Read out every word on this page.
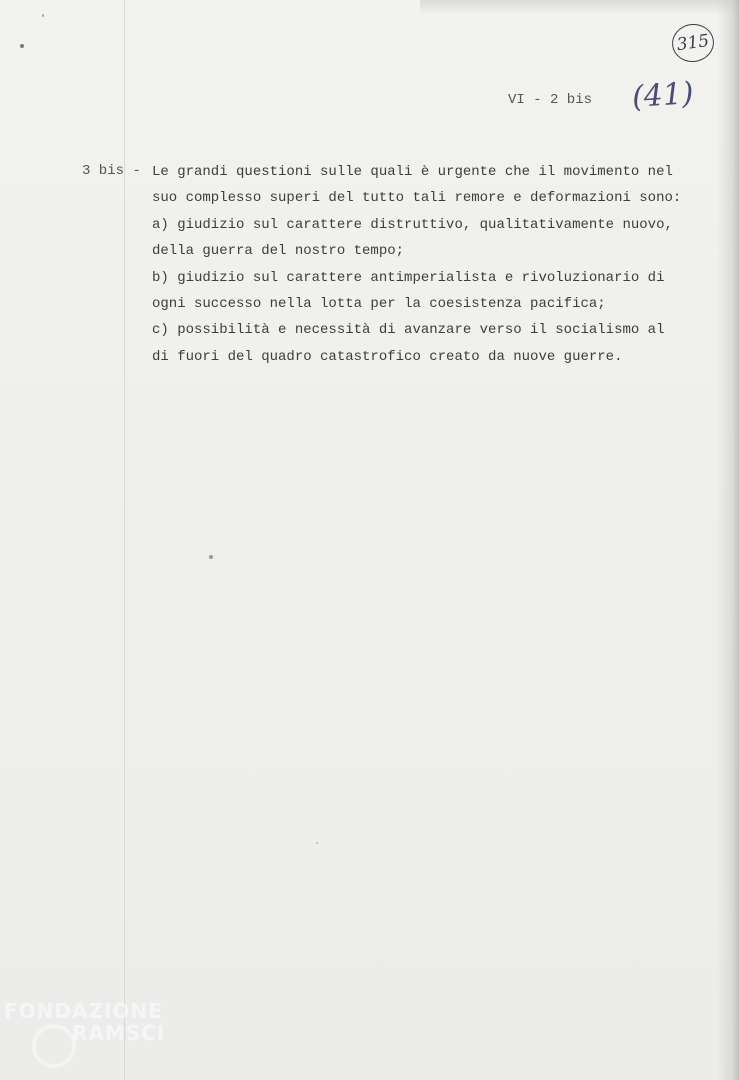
315
VI - 2 bis (41)
3 bis - Le grandi questioni sulle quali è urgente che il movimento nel
suo complesso superi del tutto tali remore e deformazioni sono:
a) giudizio sul carattere distruttivo, qualitativamente nuovo,
della guerra del nostro tempo;
b) giudizio sul carattere antimperialista e rivoluzionario di
ogni successo nella lotta per la coesistenza pacifica;
c) possibilità e necessità di avanzare verso il socialismo al
di fuori del quadro catastrofico creato da nuove guerre.
FONDAZIONE
RAMSCI
